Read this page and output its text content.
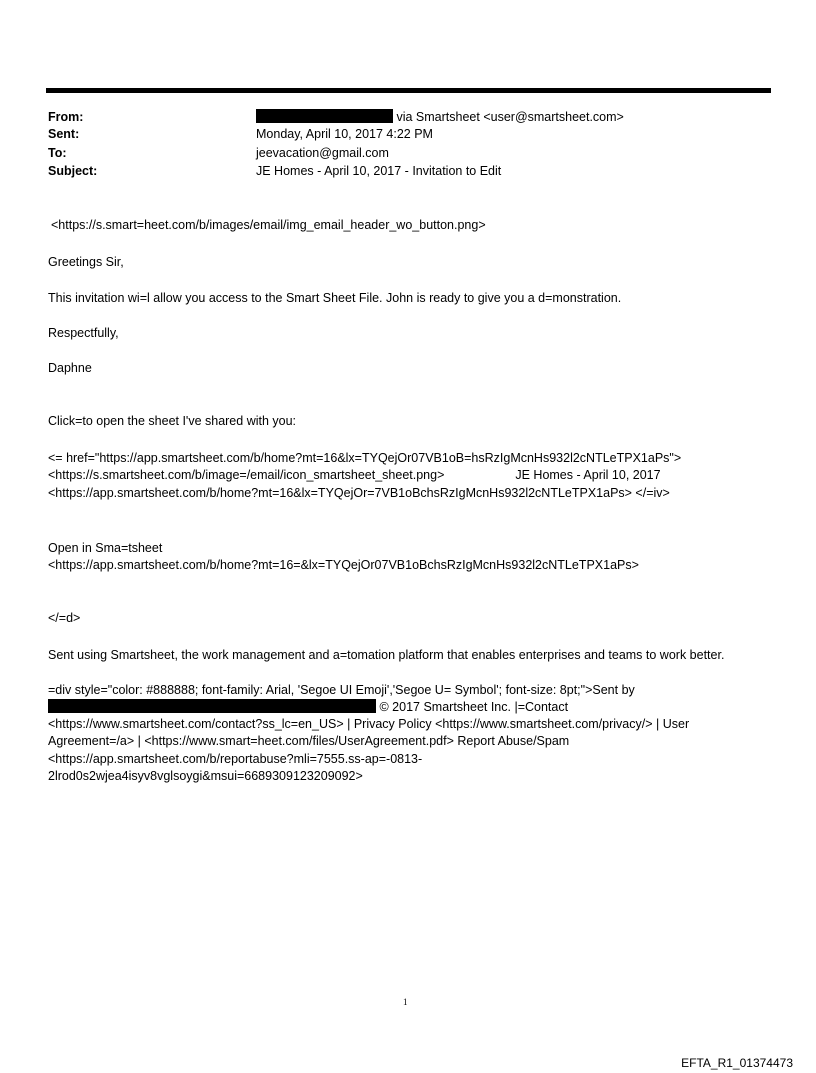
From:	via Smartsheet <user@smartsheet.com>
Sent:	Monday, April 10, 2017 4:22 PM
To:	jeevacation@gmail.com
Subject:	JE Homes - April 10, 2017 - Invitation to Edit
<https://s.smart=heet.com/b/images/email/img_email_header_wo_button.png>
Greetings Sir,
This invitation wi=l allow you access to the Smart Sheet File. John is ready to give you a d=monstration.
Respectfully,
Daphne
Click=to open the sheet I've shared with you:
<= href="https://app.smartsheet.com/b/home?mt=16&lx=TYQejOr07VB1oB=hsRzIgMcnHs932l2cNTLeTPX1aPs">
<https://s.smartsheet.com/b/image=/email/icon_smartsheet_sheet.png>	JE Homes - April 10, 2017
<https://app.smartsheet.com/b/home?mt=16&lx=TYQejOr=7VB1oBchsRzIgMcnHs932l2cNTLeTPX1aPs> </=iv>
Open in Sma=tsheet
<https://app.smartsheet.com/b/home?mt=16=&lx=TYQejOr07VB1oBchsRzIgMcnHs932l2cNTLeTPX1aPs>
</=d>
Sent using Smartsheet, the work management and a=tomation platform that enables enterprises and teams to work better.
=div style="color: #888888; font-family: Arial, 'Segoe UI Emoji','Segoe U= Symbol'; font-size: 8pt;">Sent by
© 2017 Smartsheet Inc. |=Contact
<https://www.smartsheet.com/contact?ss_lc=en_US> | Privacy Policy <https://www.smartsheet.com/privacy/> | User Agreement=/a> | <https://www.smart=heet.com/files/UserAgreement.pdf> Report Abuse/Spam
<https://app.smartsheet.com/b/reportabuse?mli=7555.ss-ap=-0813-
2lrod0s2wjea4isyv8vglsoygi&msui=6689309123209092>
1
EFTA_R1_01374473
